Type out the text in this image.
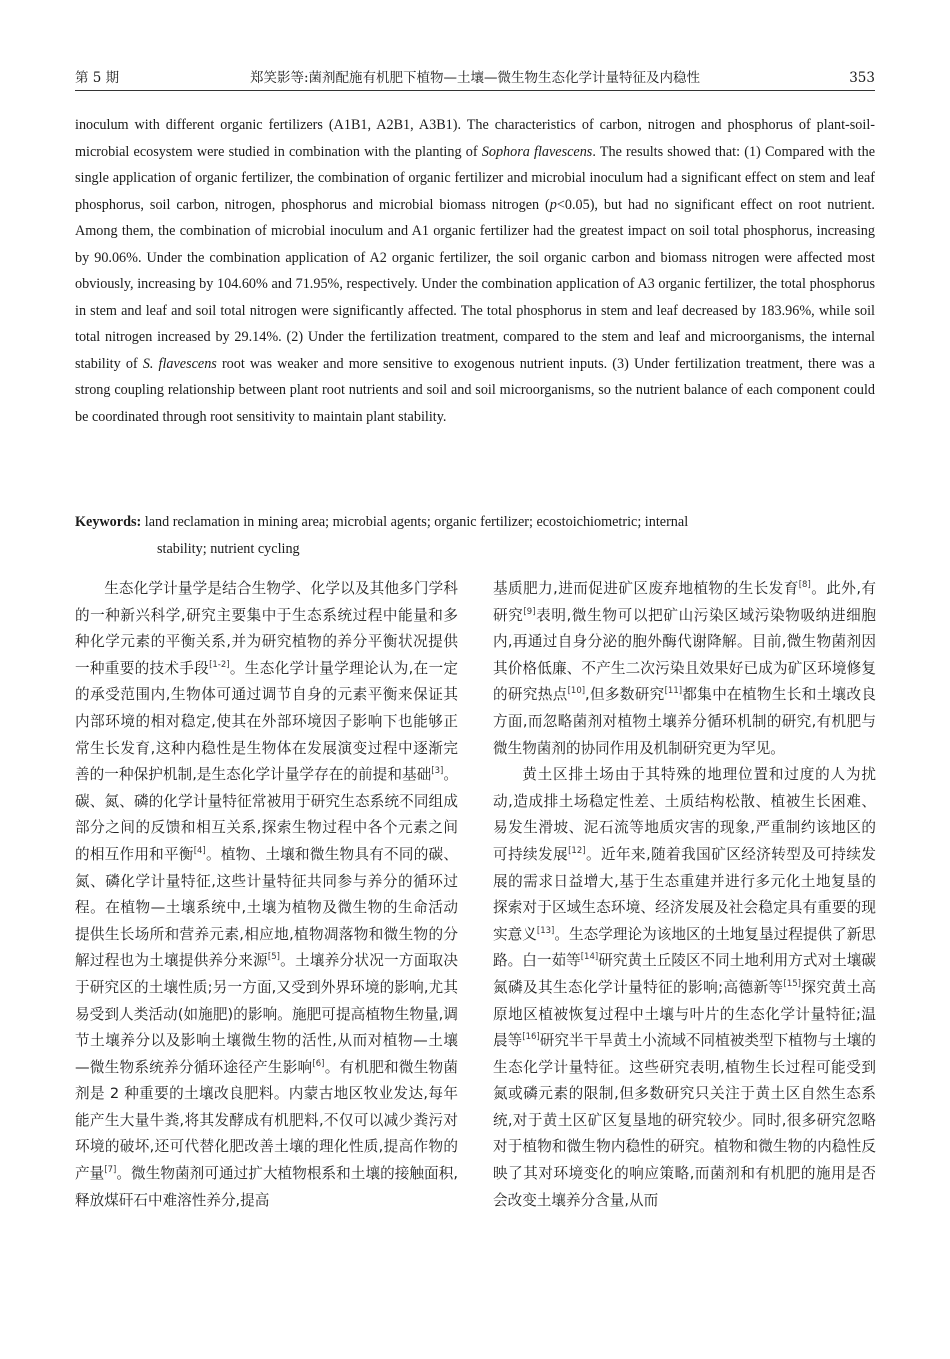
第 5 期	郑笑影等:菌剂配施有机肥下植物—土壤—微生物生态化学计量特征及内稳性	353

inoculum with different organic fertilizers (A1B1, A2B1, A3B1). The characteristics of carbon, nitrogen and phosphorus of plant-soil-microbial ecosystem were studied in combination with the planting of Sophora flavescens. The results showed that: (1) Compared with the single application of organic fertilizer, the combination of organic fertilizer and microbial inoculum had a significant effect on stem and leaf phosphorus, soil carbon, nitrogen, phosphorus and microbial biomass nitrogen (p<0.05), but had no significant effect on root nutrient. Among them, the combination of microbial inoculum and A1 organic fertilizer had the greatest impact on soil total phosphorus, increasing by 90.06%. Under the combination application of A2 organic fertilizer, the soil organic carbon and biomass nitrogen were affected most obviously, increasing by 104.60% and 71.95%, respectively. Under the combination application of A3 organic fertilizer, the total phosphorus in stem and leaf and soil total nitrogen were significantly affected. The total phosphorus in stem and leaf decreased by 183.96%, while soil total nitrogen increased by 29.14%. (2) Under the fertilization treatment, compared to the stem and leaf and microorganisms, the internal stability of S. flavescens root was weaker and more sensitive to exogenous nutrient inputs. (3) Under fertilization treatment, there was a strong coupling relationship between plant root nutrients and soil and soil microorganisms, so the nutrient balance of each component could be coordinated through root sensitivity to maintain plant stability.

Keywords: land reclamation in mining area; microbial agents; organic fertilizer; ecostoichiometric; internal
stability; nutrient cycling

生态化学计量学是结合生物学、化学以及其他多门学科的一种新兴科学,研究主要集中于生态系统过程中能量和多种化学元素的平衡关系,并为研究植物的养分平衡状况提供一种重要的技术手段[1-2]。生态化学计量学理论认为,在一定的承受范围内,生物体可通过调节自身的元素平衡来保证其内部环境的相对稳定,使其在外部环境因子影响下也能够正常生长发育,这种内稳性是生物体在发展演变过程中逐渐完善的一种保护机制,是生态化学计量学存在的前提和基础[3]。碳、氮、磷的化学计量特征常被用于研究生态系统不同组成部分之间的反馈和相互关系,探索生物过程中各个元素之间的相互作用和平衡[4]。植物、土壤和微生物具有不同的碳、氮、磷化学计量特征,这些计量特征共同参与养分的循环过程。在植物—土壤系统中,土壤为植物及微生物的生命活动提供生长场所和营养元素,相应地,植物凋落物和微生物的分解过程也为土壤提供养分来源[5]。土壤养分状况一方面取决于研究区的土壤性质;另一方面,又受到外界环境的影响,尤其易受到人类活动(如施肥)的影响。施肥可提高植物生物量,调节土壤养分以及影响土壤微生物的活性,从而对植物—土壤—微生物系统养分循环途径产生影响[6]。有机肥和微生物菌剂是 2 种重要的土壤改良肥料。内蒙古地区牧业发达,每年能产生大量牛粪,将其发酵成有机肥料,不仅可以减少粪污对环境的破坏,还可代替化肥改善土壤的理化性质,提高作物的产量[7]。微生物菌剂可通过扩大植物根系和土壤的接触面积,释放煤矸石中难溶性养分,提高

基质肥力,进而促进矿区废弃地植物的生长发育[8]。此外,有研究[9]表明,微生物可以把矿山污染区域污染物吸纳进细胞内,再通过自身分泌的胞外酶代谢降解。目前,微生物菌剂因其价格低廉、不产生二次污染且效果好已成为矿区环境修复的研究热点[10],但多数研究[11]都集中在植物生长和土壤改良方面,而忽略菌剂对植物土壤养分循环机制的研究,有机肥与微生物菌剂的协同作用及机制研究更为罕见。

黄土区排土场由于其特殊的地理位置和过度的人为扰动,造成排土场稳定性差、土质结构松散、植被生长困难、易发生滑坡、泥石流等地质灾害的现象,严重制约该地区的可持续发展[12]。近年来,随着我国矿区经济转型及可持续发展的需求日益增大,基于生态重建并进行多元化土地复垦的探索对于区域生态环境、经济发展及社会稳定具有重要的现实意义[13]。生态学理论为该地区的土地复垦过程提供了新思路。白一茹等[14]研究黄土丘陵区不同土地利用方式对土壤碳氮磷及其生态化学计量特征的影响;高德新等[15]探究黄土高原地区植被恢复过程中土壤与叶片的生态化学计量特征;温晨等[16]研究半干旱黄土小流域不同植被类型下植物与土壤的生态化学计量特征。这些研究表明,植物生长过程可能受到氮或磷元素的限制,但多数研究只关注于黄土区自然生态系统,对于黄土区矿区复垦地的研究较少。同时,很多研究忽略对于植物和微生物内稳性的研究。植物和微生物的内稳性反映了其对环境变化的响应策略,而菌剂和有机肥的施用是否会改变土壤养分含量,从而
